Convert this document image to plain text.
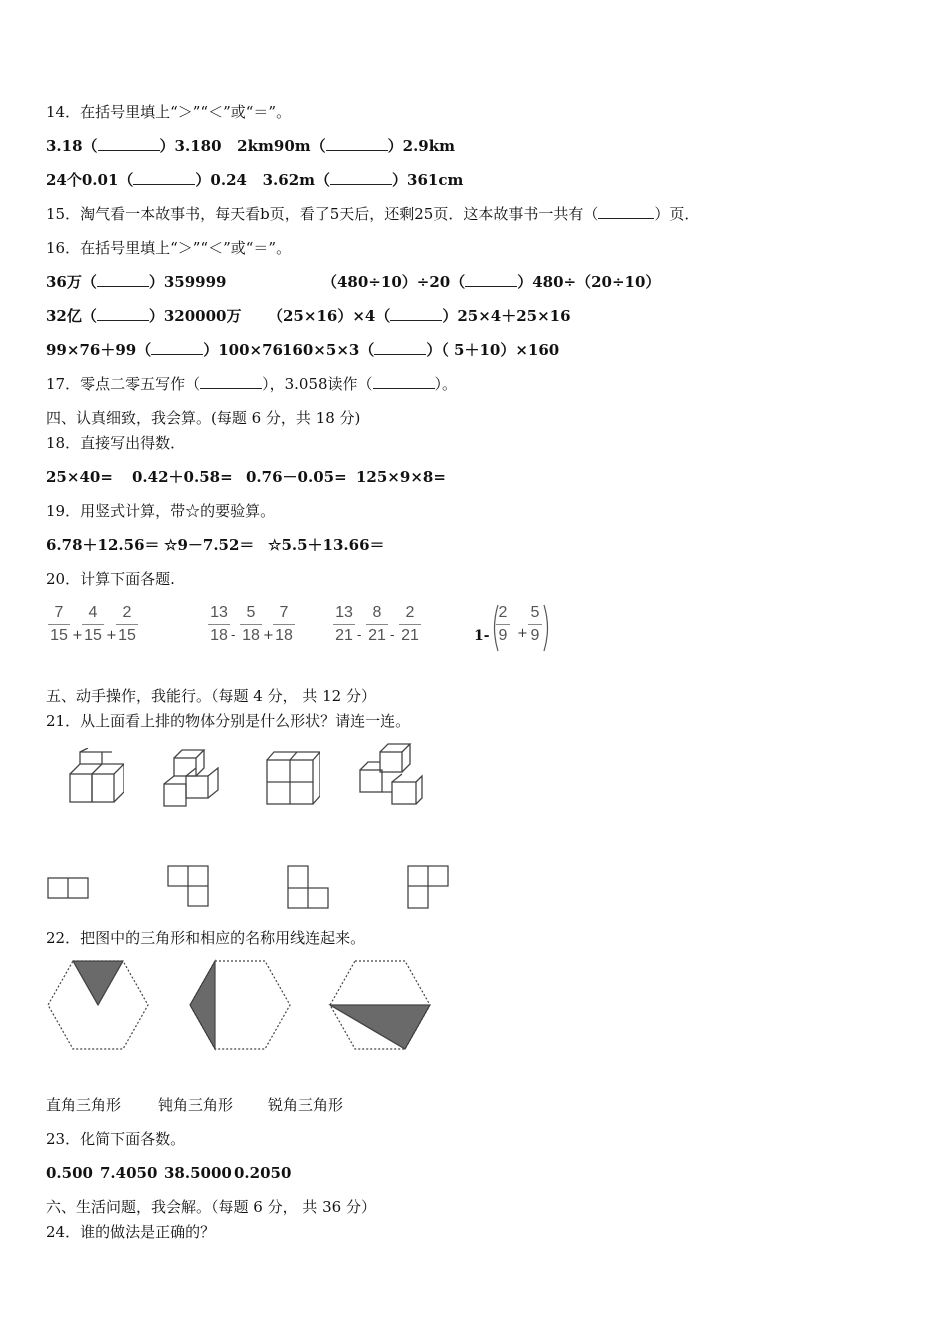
14．在括号里填上“＞”“＜”或“＝”。
3.18（	）3.180   2km90m（	）2.9km
24个0.01（	）0.24   3.62m（	）361cm
15．淘气看一本故事书，每天看b页，看了5天后，还剩25页．这本故事书一共有（	）页．
16．在括号里填上“＞”“＜”或“＝”。
36万（	）359999	（480÷10）÷20（	）480÷（20÷10）
32亿（	）320000万 （25×16）×4（	）25×4＋25×16
99×76＋99（	）100×76 160×5×3（	）（ 5＋10）×160
17．零点二零五写作（	），3.058读作（	）。
四、认真细致，我会算。(每题 6 分，共 18 分)
18．直接写出得数．
25×40= 0.42＋0.58= 0.76－0.05= 125×9×8=
19．用竖式计算，带☆的要验算。
6.78＋12.56＝ ☆9－7.52＝ ☆5.5＋13.66＝
20．计算下面各题.
7
15 +
4
15 +
2
15
13
18 -
5
18 +
7
18
13
21 -
8
21 -
2
21	1-
2
9 +
5
9
五、动手操作，我能行。（每题 4 分， 共 12 分）
21．从上面看上排的物体分别是什么形状？请连一连。
22．把图中的三角形和相应的名称用线连起来。
直角三角形 钝角三角形 锐角三角形
23．化简下面各数。
0.500 7.4050 38.5000 0.2050
六、生活问题，我会解。（每题 6 分， 共 36 分）
24．谁的做法是正确的？
